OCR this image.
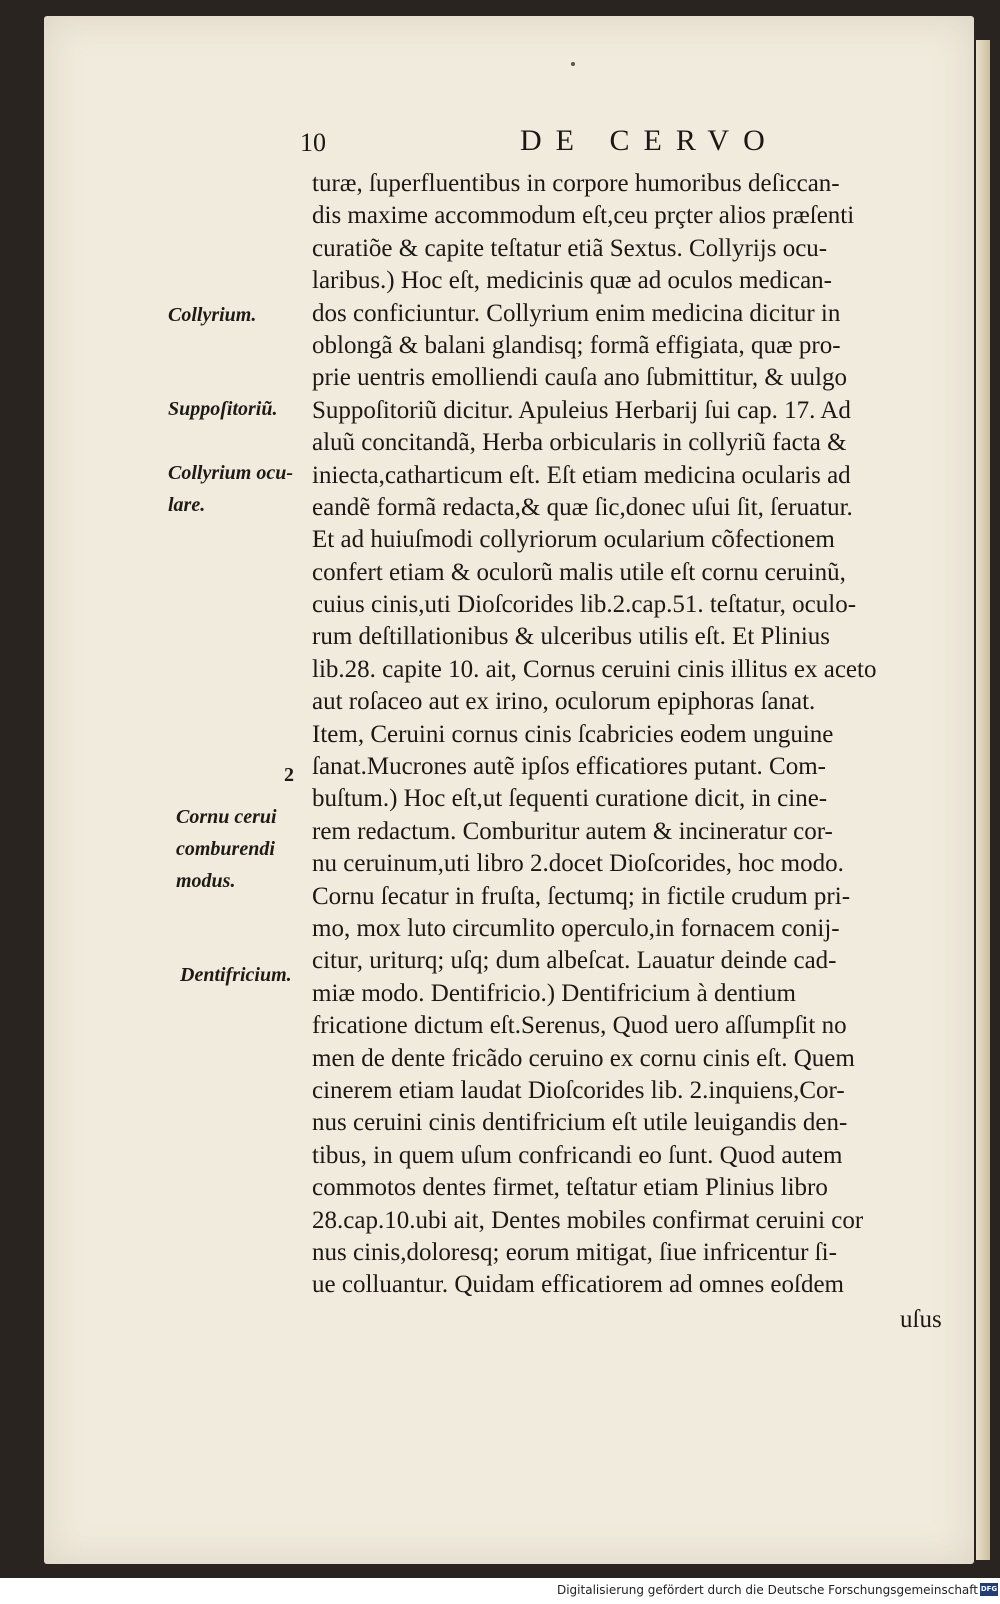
10	DE CERVO
turæ, ſuperfluentibus in corpore humoribus deſiccan-
dis maxime accommodum eſt,ceu prçter alios præſenti
curatiõe & capite teſtatur etiã Sextus. Collyrijs ocu-
laribus.) Hoc eſt, medicinis quæ ad oculos medican-
dos conficiuntur. Collyrium enim medicina dicitur in
oblongã & balani glandisq; formã effigiata, quæ pro-
prie uentris emolliendi cauſa ano ſubmittitur, & uulgo
Suppoſitoriũ dicitur. Apuleius Herbarij ſui cap. 17. Ad
aluũ concitandã, Herba orbicularis in collyriũ facta &
iniecta,catharticum eſt. Eſt etiam medicina ocularis ad
eandẽ formã redacta,& quæ ſic,donec uſui ſit, ſeruatur.
Et ad huiuſmodi collyriorum ocularium cõfectionem
confert etiam & oculorũ malis utile eſt cornu ceruinũ,
cuius cinis,uti Dioſcorides lib.2.cap.51. teſtatur, oculo-
rum deſtillationibus & ulceribus utilis eſt. Et Plinius
lib.28. capite 10. ait, Cornus ceruini cinis illitus ex aceto
aut roſaceo aut ex irino, oculorum epiphoras ſanat.
Item, Ceruini cornus cinis ſcabricies eodem unguine
ſanat.Mucrones autẽ ipſos efficatiores putant. Com-
buſtum.) Hoc eſt,ut ſequenti curatione dicit, in cine-
rem redactum. Comburitur autem & incineratur cor-
nu ceruinum,uti libro 2.docet Dioſcorides, hoc modo.
Cornu ſecatur in fruſta, ſectumq; in fictile crudum pri-
mo, mox luto circumlito operculo,in fornacem conij-
citur, uriturq; uſq; dum albeſcat. Lauatur deinde cad-
miæ modo. Dentifricio.) Dentifricium à dentium
fricatione dictum eſt.Serenus, Quod uero aſſumpſit no
men de dente fricãdo ceruino ex cornu cinis eſt. Quem
cinerem etiam laudat Dioſcorides lib. 2.inquiens,Cor-
nus ceruini cinis dentifricium eſt utile leuigandis den-
tibus, in quem uſum confricandi eo ſunt. Quod autem
commotos dentes firmet, teſtatur etiam Plinius libro
28.cap.10.ubi ait, Dentes mobiles confirmat ceruini cor
nus cinis,doloresq; eorum mitigat, ſiue infricentur ſi-
ue colluantur. Quidam efficatiorem ad omnes eoſdem
Collyrium.
Suppoſitoriũ.
Collyrium ocu-
lare.
2
Cornu cerui
comburendi
modus.
Dentifricium.
uſus
Digitalisierung gefördert durch die Deutsche Forschungsgemeinschaft DFG
